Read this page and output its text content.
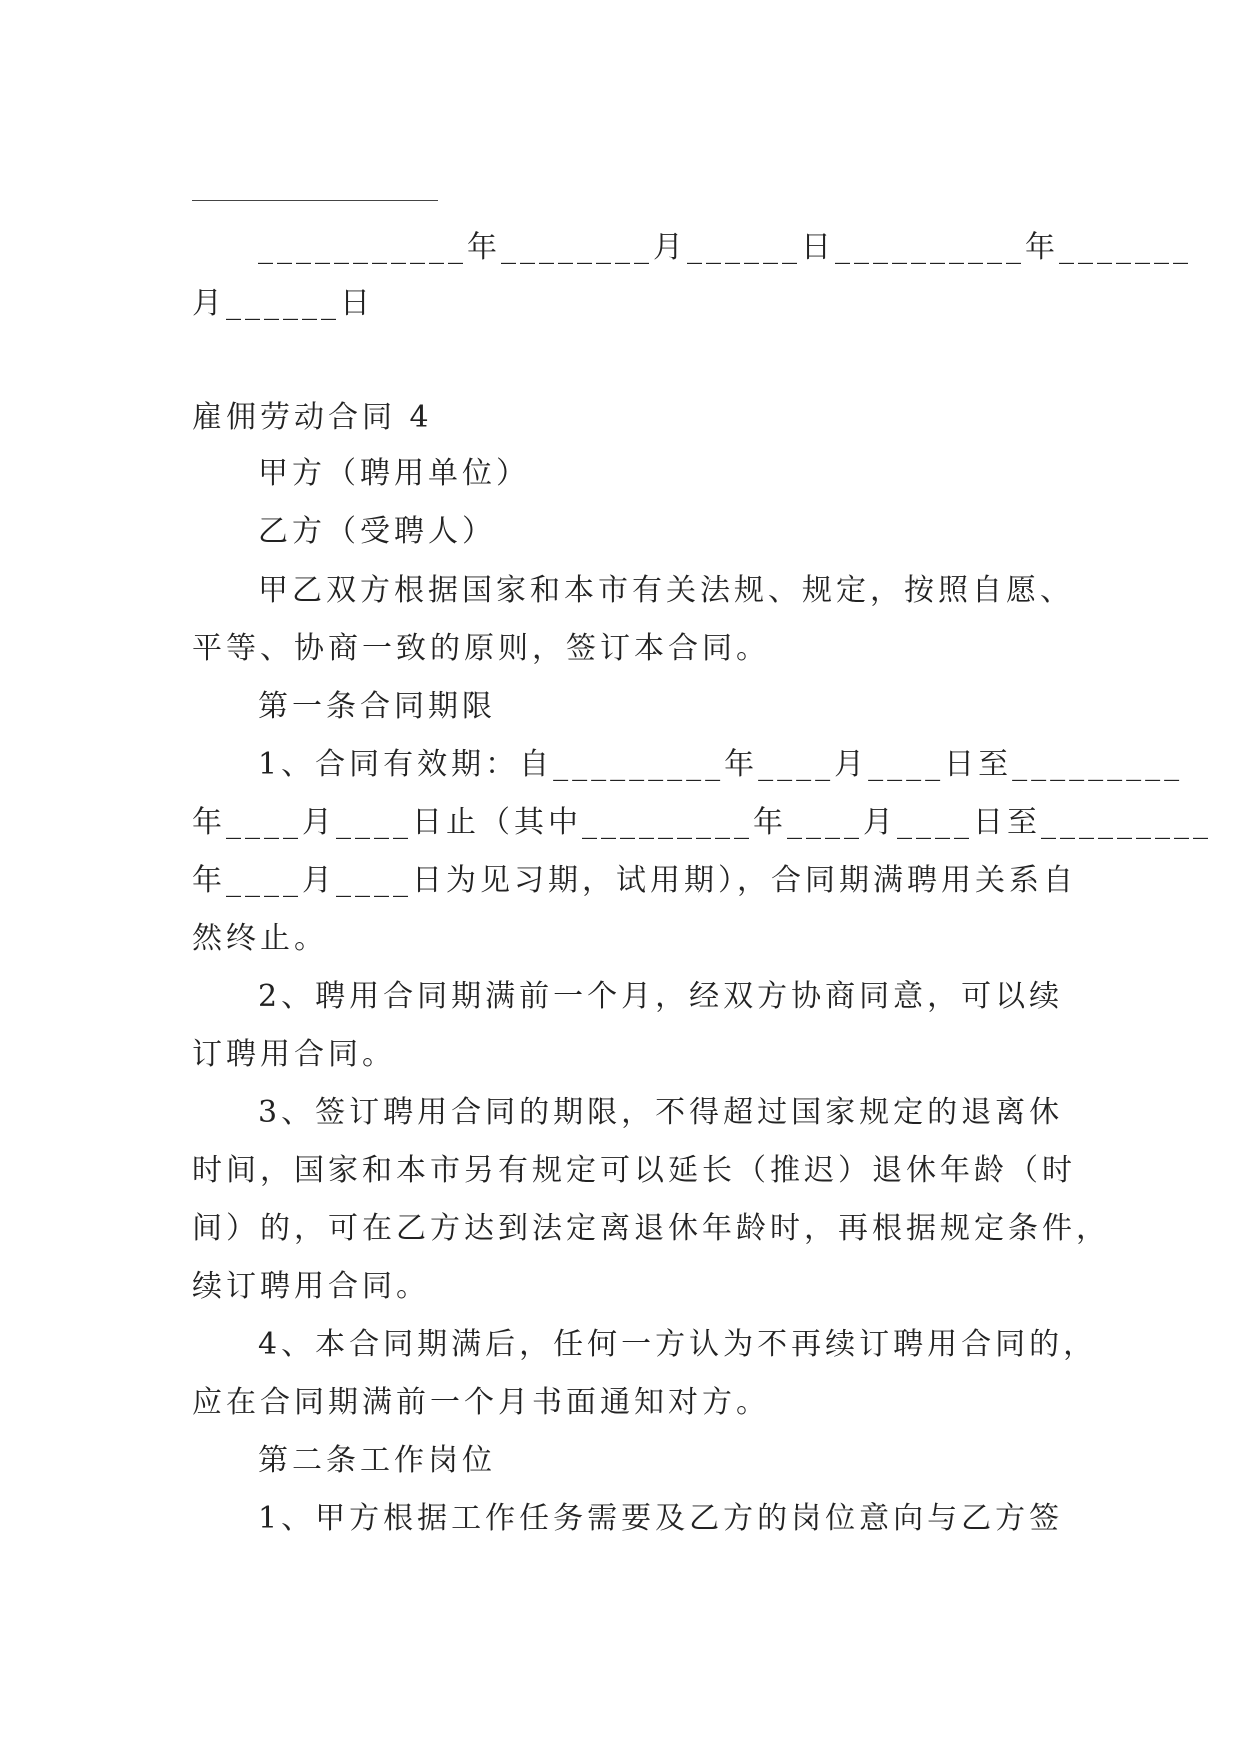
___________年________月______日__________年_______
月______日
雇佣劳动合同 4
甲方（聘用单位）
乙方（受聘人）
甲乙双方根据国家和本市有关法规、规定，按照自愿、
平等、协商一致的原则，签订本合同。
第一条合同期限
1、合同有效期：自_________年____月____日至_________
年____月____日止（其中_________年____月____日至_________
年____月____日为见习期，试用期），合同期满聘用关系自
然终止。
2、聘用合同期满前一个月，经双方协商同意，可以续
订聘用合同。
3、签订聘用合同的期限，不得超过国家规定的退离休
时间，国家和本市另有规定可以延长（推迟）退休年龄（时
间）的，可在乙方达到法定离退休年龄时，再根据规定条件，
续订聘用合同。
4、本合同期满后，任何一方认为不再续订聘用合同的，
应在合同期满前一个月书面通知对方。
第二条工作岗位
1、甲方根据工作任务需要及乙方的岗位意向与乙方签
